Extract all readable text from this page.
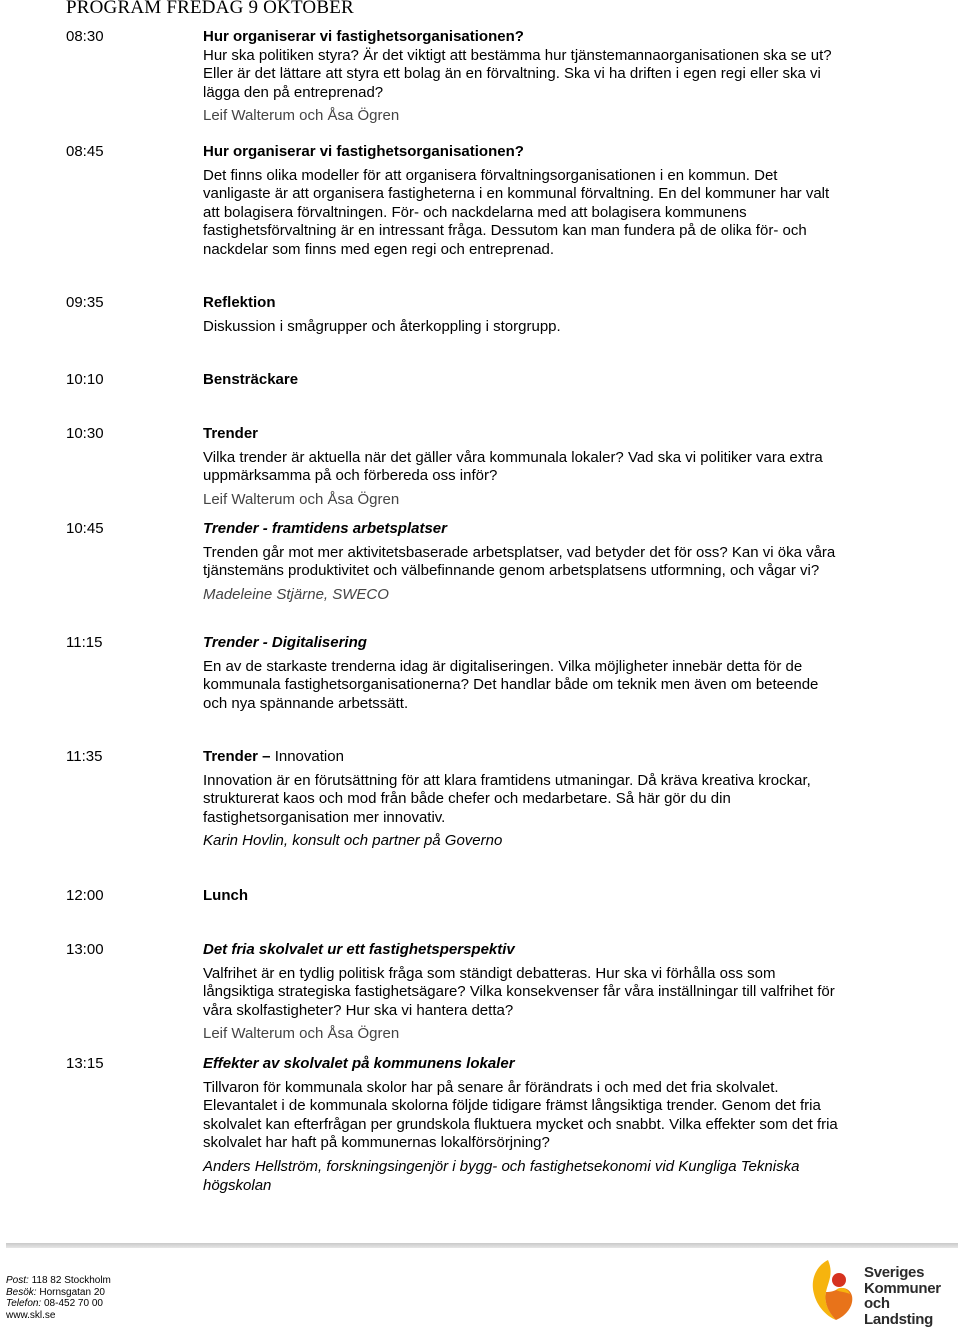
PROGRAM FREDAG 9 OKTOBER
08:30	Hur organiserar vi fastighetsorganisationen?
Hur ska politiken styra? Är det viktigt att bestämma hur tjänstemannaorganisationen ska se ut? Eller är det lättare att styra ett bolag än en förvaltning. Ska vi ha driften i egen regi eller ska vi lägga den på entreprenad?
Leif Walterum och Åsa Ögren
08:45	Hur organiserar vi fastighetsorganisationen?
Det finns olika modeller för att organisera förvaltningsorganisationen i en kommun. Det vanligaste är att organisera fastigheterna i en kommunal förvaltning. En del kommuner har valt att bolagisera förvaltningen. För- och nackdelarna med att bolagisera kommunens fastighetsförvaltning är en intressant fråga. Dessutom kan man fundera på de olika för- och nackdelar som finns med egen regi och entreprenad.
09:35	Reflektion
Diskussion i smågrupper och återkoppling i storgrupp.
10:10	Bensträckare
10:30	Trender
Vilka trender är aktuella när det gäller våra kommunala lokaler? Vad ska vi politiker vara extra uppmärksamma på och förbereda oss inför?
Leif Walterum och Åsa Ögren
10:45	Trender - framtidens arbetsplatser
Trenden går mot mer aktivitetsbaserade arbetsplatser, vad betyder det för oss? Kan vi öka våra tjänstemäns produktivitet och välbefinnande genom arbetsplatsens utformning, och vågar vi?
Madeleine Stjärne, SWECO
11:15	Trender - Digitalisering
En av de starkaste trenderna idag är digitaliseringen. Vilka möjligheter innebär detta för de kommunala fastighetsorganisationerna? Det handlar både om teknik men även om beteende och nya spännande arbetssätt.
11:35	Trender – Innovation
Innovation är en förutsättning för att klara framtidens utmaningar. Då kräva kreativa krockar, strukturerat kaos och mod från både chefer och medarbetare. Så här gör du din fastighetsorganisation mer innovativ.
Karin Hovlin, konsult och partner på Governo
12:00	Lunch
13:00	Det fria skolvalet ur ett fastighetsperspektiv
Valfrihet är en tydlig politisk fråga som ständigt debatteras. Hur ska vi förhålla oss som långsiktiga strategiska fastighetsägare? Vilka konsekvenser får våra inställningar till valfrihet för våra skolfastigheter? Hur ska vi hantera detta?
Leif Walterum och Åsa Ögren
13:15	Effekter av skolvalet på kommunens lokaler
Tillvaron för kommunala skolor har på senare år förändrats i och med det fria skolvalet. Elevantalet i de kommunala skolorna följde tidigare främst långsiktiga trender. Genom det fria skolvalet kan efterfrågan per grundskola fluktuera mycket och snabbt. Vilka effekter som det fria skolvalet har haft på kommunernas lokalförsörjning?
Anders Hellström, forskningsingenjör i bygg- och fastighetsekonomi vid Kungliga Tekniska högskolan
Post: 118 82 Stockholm
Besök: Hornsgatan 20
Telefon: 08-452 70 00
www.skl.se
Sveriges
Kommuner
och Landsting
